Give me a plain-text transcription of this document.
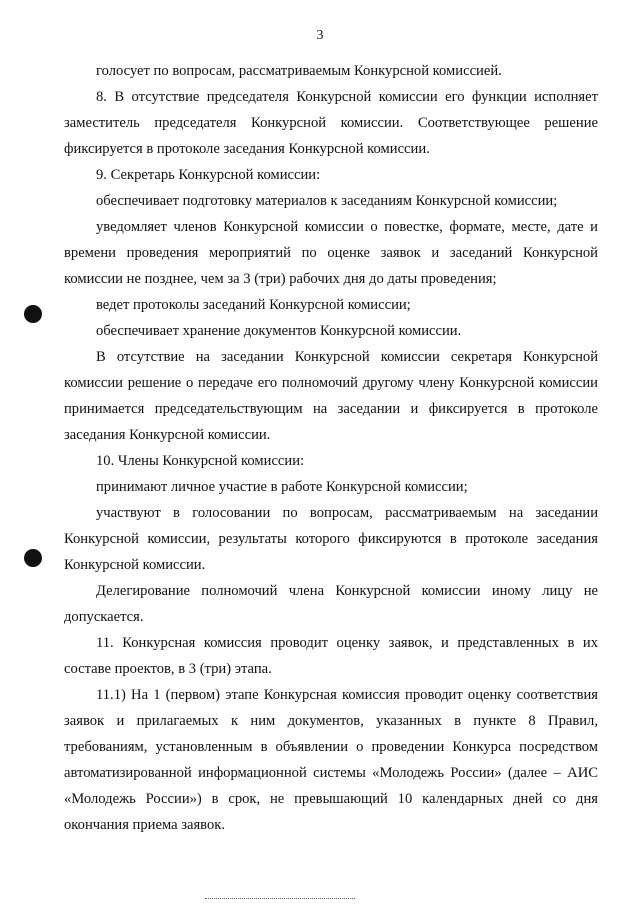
3

голосует по вопросам, рассматриваемым Конкурсной комиссией.

8. В отсутствие председателя Конкурсной комиссии его функции исполняет заместитель председателя Конкурсной комиссии. Соответствующее решение фиксируется в протоколе заседания Конкурсной комиссии.

9. Секретарь Конкурсной комиссии:

обеспечивает подготовку материалов к заседаниям Конкурсной комиссии;

уведомляет членов Конкурсной комиссии о повестке, формате, месте, дате и времени проведения мероприятий по оценке заявок и заседаний Конкурсной комиссии не позднее, чем за 3 (три) рабочих дня до даты проведения;

ведет протоколы заседаний Конкурсной комиссии;

обеспечивает хранение документов Конкурсной комиссии.

В отсутствие на заседании Конкурсной комиссии секретаря Конкурсной комиссии решение о передаче его полномочий другому члену Конкурсной комиссии принимается председательствующим на заседании и фиксируется в протоколе заседания Конкурсной комиссии.

10. Члены Конкурсной комиссии:

принимают личное участие в работе Конкурсной комиссии;

участвуют в голосовании по вопросам, рассматриваемым на заседании Конкурсной комиссии, результаты которого фиксируются в протоколе заседания Конкурсной комиссии.

Делегирование полномочий члена Конкурсной комиссии иному лицу не допускается.

11. Конкурсная комиссия проводит оценку заявок, и представленных в их составе проектов, в 3 (три) этапа.

11.1) На 1 (первом) этапе Конкурсная комиссия проводит оценку соответствия заявок и прилагаемых к ним документов, указанных в пункте 8 Правил, требованиям, установленным в объявлении о проведении Конкурса посредством автоматизированной информационной системы «Молодежь России» (далее – АИС «Молодежь России») в срок, не превышающий 10 календарных дней со дня окончания приема заявок.
